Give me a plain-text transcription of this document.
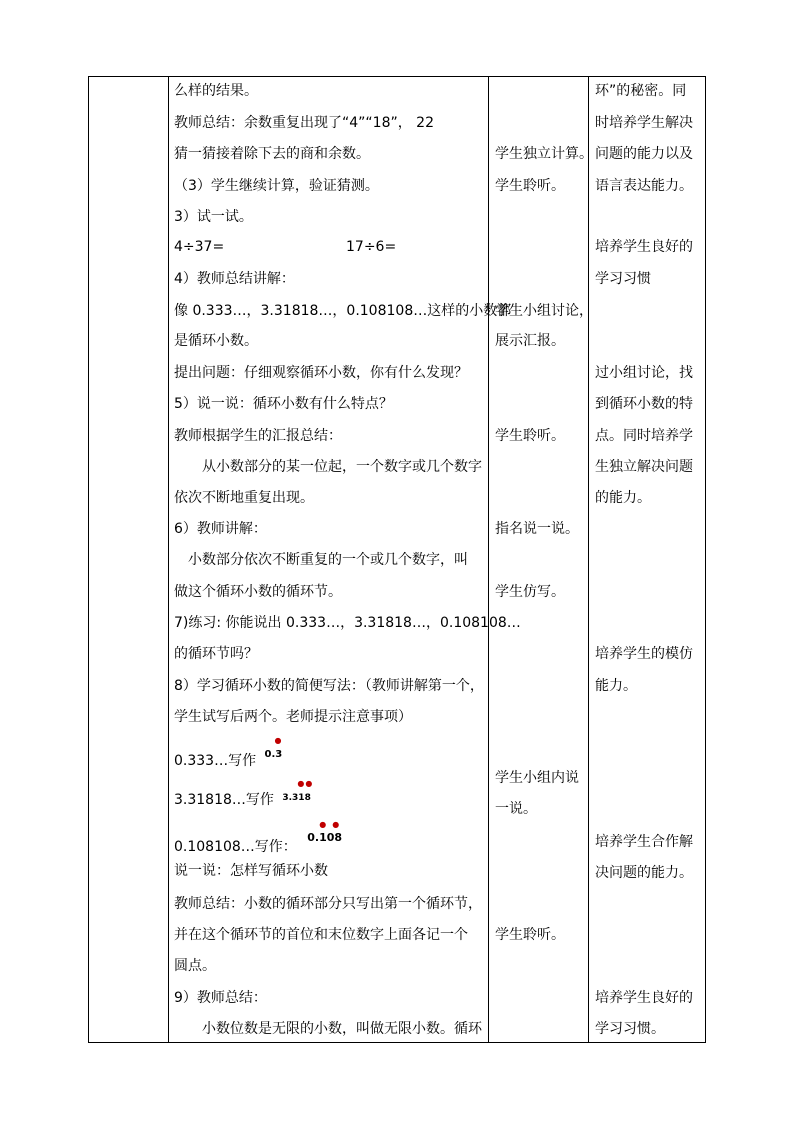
么样的结果。
教师总结：余数重复出现了“4”“18”， 22
猜一猜接着除下去的商和余数。
（3）学生继续计算，验证猜测。
3）试一试。
4÷37=	17÷6=
4）教师总结讲解：
像 0.333…，3.31818…，0.108108…这样的小数都
是循环小数。
提出问题：仔细观察循环小数，你有什么发现？
5）说一说：循环小数有什么特点？
教师根据学生的汇报总结：
从小数部分的某一位起，一个数字或几个数字
依次不断地重复出现。
6）教师讲解：
小数部分依次不断重复的一个或几个数字，叫
做这个循环小数的循环节。
7)练习: 你能说出 0.333…，3.31818…，0.108108…
的循环节吗？
8）学习循环小数的简便写法：（教师讲解第一个，
学生试写后两个。老师提示注意事项）
0.333…写作
●
0.3
3.31818…写作
● ●
3.318
0.108108…写作：
● ●
0.108
说一说：怎样写循环小数
教师总结：小数的循环部分只写出第一个循环节，
并在这个循环节的首位和末位数字上面各记一个
圆点。
9）教师总结：
小数位数是无限的小数，叫做无限小数。循环
学生独立计算。
学生聆听。
学生小组讨论，
展示汇报。
学生聆听。
指名说一说。
学生仿写。
学生小组内说
一说。
学生聆听。
环”的秘密。同
时培养学生解决
问题的能力以及
语言表达能力。
培养学生良好的
学习习惯
过小组讨论，找
到循环小数的特
点。同时培养学
生独立解决问题
的能力。
培养学生的模仿
能力。
培养学生合作解
决问题的能力。
培养学生良好的
学习习惯。
